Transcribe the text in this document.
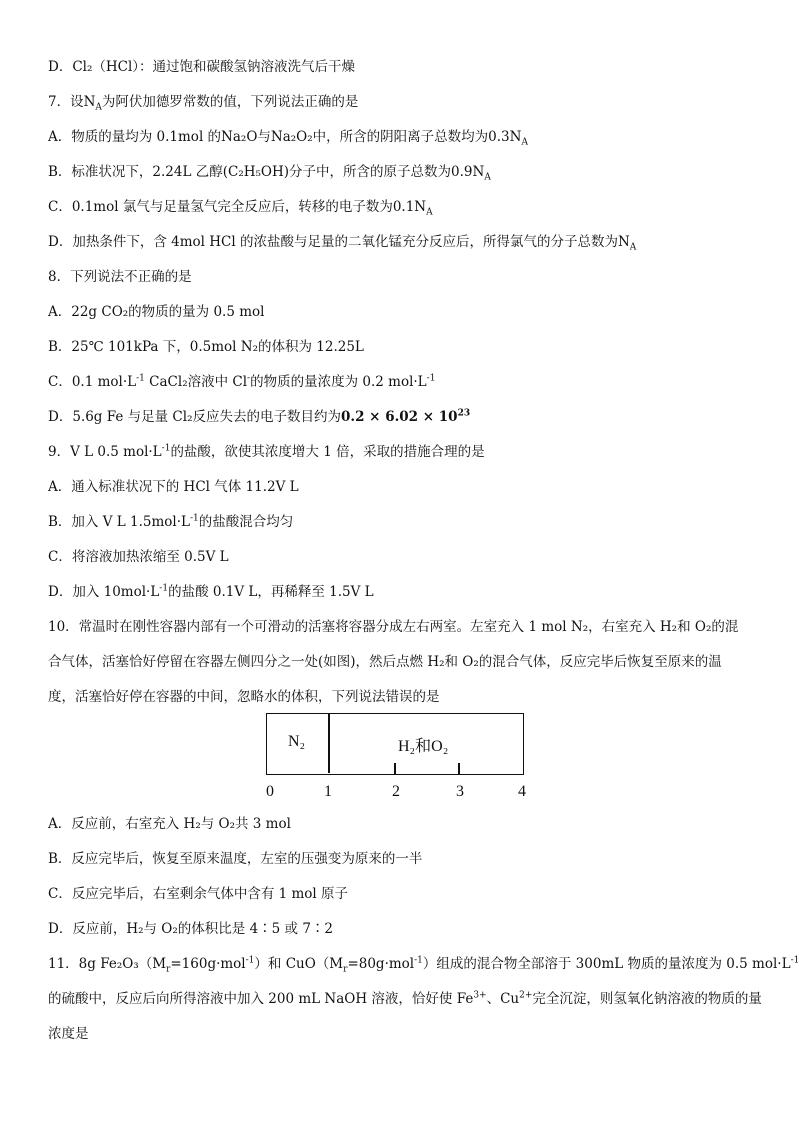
D．Cl₂（HCl）：通过饱和碳酸氢钠溶液洗气后干燥
7．设$N_A$为阿伏加德罗常数的值，下列说法正确的是
A．物质的量均为 0.1mol 的Na₂O与Na₂O₂中，所含的阴阳离子总数均为$0.3N_A$
B．标准状况下，2.24L 乙醇(C₂H₅OH)分子中，所含的原子总数为$0.9N_A$
C．0.1mol 氯气与足量氢气完全反应后，转移的电子数为$0.1N_A$
D．加热条件下，含 4mol HCl 的浓盐酸与足量的二氧化锰充分反应后，所得氯气的分子总数为$N_A$
8．下列说法不正确的是
A．22g CO₂的物质的量为 0.5 mol
B．25℃ 101kPa 下，0.5mol N₂的体积为 12.25L
C．0.1 $mol\cdot L^{-1}$ CaCl₂溶液中 Cl-的物质的量浓度为 0.2 $mol\cdot L^{-1}$
D．5.6g Fe 与足量 Cl₂反应失去的电子数目约为$0.2 \times 6.02 \times 10^{23}$
9．V L 0.5 $mol\cdot L^{-1}$的盐酸，欲使其浓度增大 1 倍，采取的措施合理的是
A．通入标准状况下的 HCl 气体 11.2V L
B．加入 V L $1.5mol\cdot L^{-1}$的盐酸混合均匀
C．将溶液加热浓缩至 0.5V L
D．加入 $10mol\cdot L^{-1}$的盐酸 0.1V L，再稀释至 1.5V L
10．常温时在刚性容器内部有一个可滑动的活塞将容器分成左右两室。左室充入 1 mol N₂，右室充入 H₂和 O₂的混
合气体，活塞恰好停留在容器左侧四分之一处(如图)，然后点燃 H₂和 O₂的混合气体，反应完毕后恢复至原来的温
度，活塞恰好停在容器的中间，忽略水的体积，下列说法错误的是
N₂	H₂和O₂
0	1	2	3	4
A．反应前，右室充入 H₂与 O₂共 3 mol
B．反应完毕后，恢复至原来温度，左室的压强变为原来的一半
C．反应完毕后，右室剩余气体中含有 1 mol 原子
D．反应前，H₂与 O₂的体积比是 4∶5 或 7∶2
11．8g $Fe_2O_3(M_r=160g\cdot mol^{-1})$和 $CuO(M_r=80g\cdot mol^{-1})$组成的混合物全部溶于 300mL 物质的量浓度为 0.5 $mol\cdot L^{-1}$
的硫酸中，反应后向所得溶液中加入 200 mL NaOH 溶液，恰好使 $Fe^{3+}$、$Cu^{2+}$完全沉淀，则氢氧化钠溶液的物质的量
浓度是
